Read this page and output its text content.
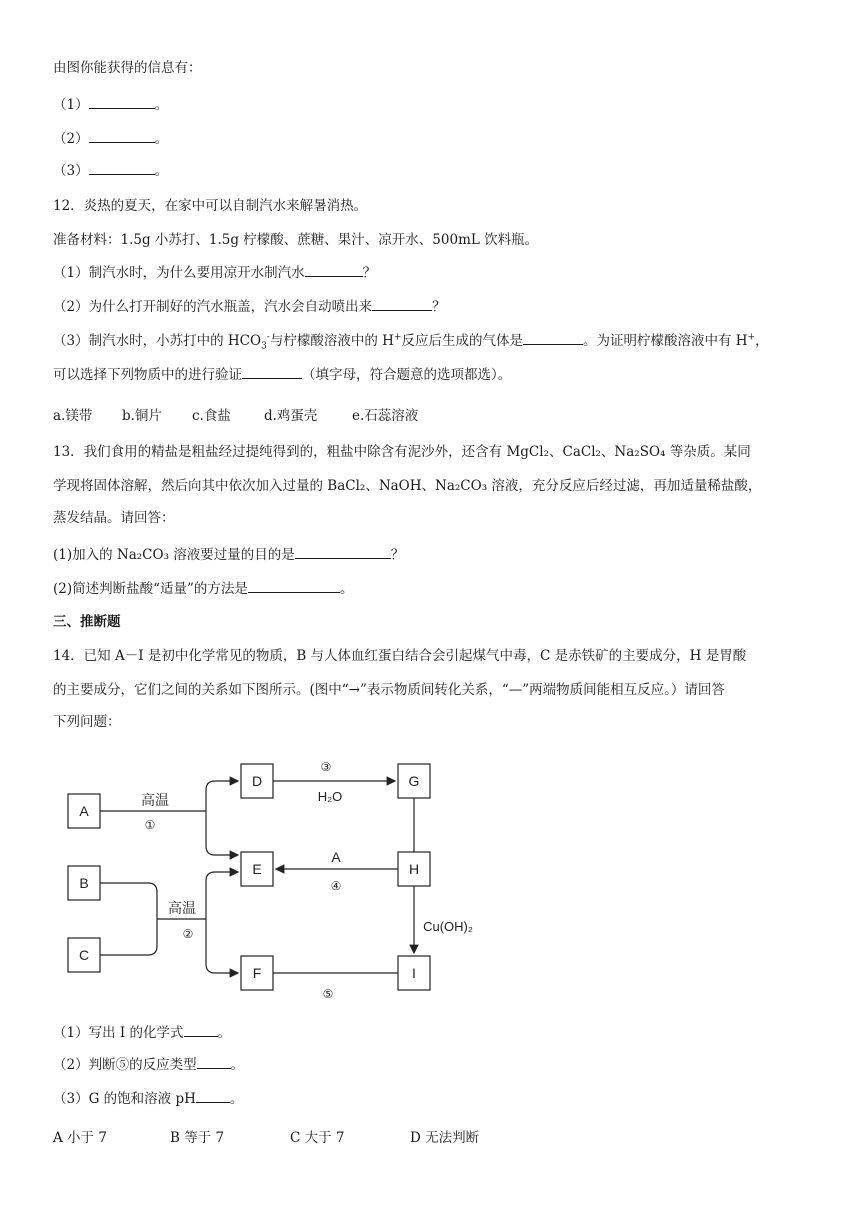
由图你能获得的信息有：
（1）	。
（2）	。
（3）	。
12．炎热的夏天，在家中可以自制汽水来解暑消热。
准备材料：1.5g 小苏打、1.5g 柠檬酸、蔗糖、果汁、凉开水、500mL 饮料瓶。
（1）制汽水时，为什么要用凉开水制汽水	？
（2）为什么打开制好的汽水瓶盖，汽水会自动喷出来	？
（3）制汽水时，小苏打中的 $HCO_3^-$与柠檬酸溶液中的 H+反应后生成的气体是	。为证明柠檬酸溶液中有 H+，
可以选择下列物质中的进行验证	（填字母，符合题意的选项都选）。
a.镁带 b.铜片 c.食盐 d.鸡蛋壳	e.石蕊溶液
13．我们食用的精盐是粗盐经过提纯得到的，粗盐中除含有泥沙外，还含有 MgCl₂、CaCl₂、Na₂SO₄ 等杂质。某同
学现将固体溶解，然后向其中依次加入过量的 BaCl₂、NaOH、Na₂CO₃ 溶液，充分反应后经过滤，再加适量稀盐酸，
蒸发结晶。请回答：
(1)加入的 Na₂CO₃ 溶液要过量的目的是	？
(2)简述判断盐酸“适量”的方法是	。
三、推断题
14．已知 A－I 是初中化学常见的物质，B 与人体血红蛋白结合会引起煤气中毒，C 是赤铁矿的主要成分，H 是胃酸
的主要成分，它们之间的关系如下图所示。(图中“→”表示物质间转化关系，“—”两端物质间能相互反应。）请回答
下列问题：
A
B
C
D
E
F
G
H
I
高温
①
高温
②
③
H₂O
A
④
Cu(OH)₂
⑤
（1）写出 I 的化学式	。
（2）判断⑤的反应类型	。
（3）G 的饱和溶液 pH	。
A 小于 7	B 等于 7	C 大于 7	D 无法判断
